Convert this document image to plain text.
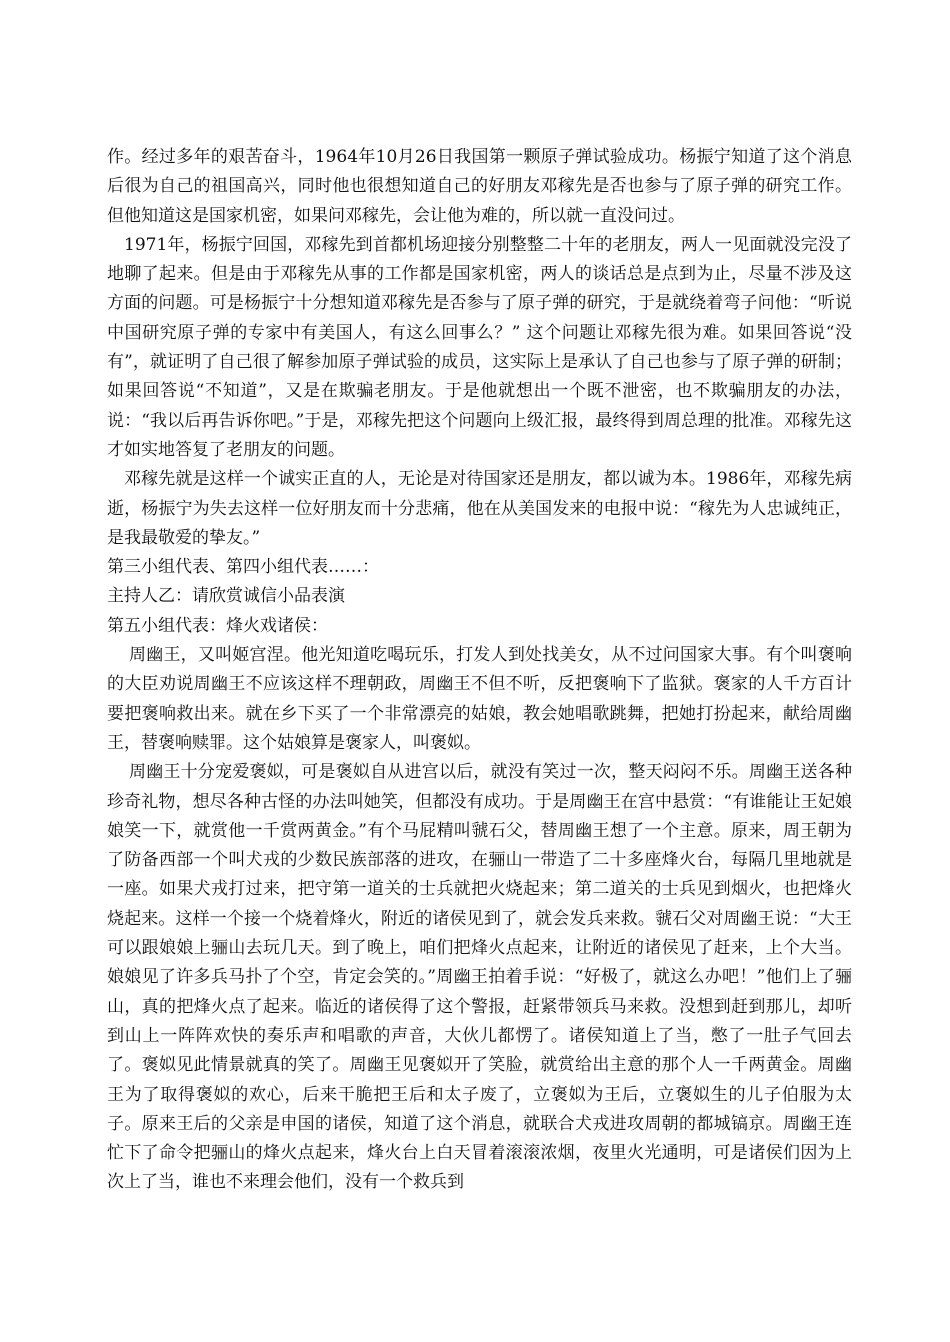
作。经过多年的艰苦奋斗，1964年10月26日我国第一颗原子弹试验成功。杨振宁知道了这个消息后很为自己的祖国高兴，同时他也很想知道自己的好朋友邓稼先是否也参与了原子弹的研究工作。但他知道这是国家机密，如果问邓稼先，会让他为难的，所以就一直没问过。

1971年，杨振宁回国，邓稼先到首都机场迎接分别整整二十年的老朋友，两人一见面就没完没了地聊了起来。但是由于邓稼先从事的工作都是国家机密，两人的谈话总是点到为止，尽量不涉及这方面的问题。可是杨振宁十分想知道邓稼先是否参与了原子弹的研究，于是就绕着弯子问他：“听说中国研究原子弹的专家中有美国人，有这么回事么？” 这个问题让邓稼先很为难。如果回答说“没有”，就证明了自己很了解参加原子弹试验的成员，这实际上是承认了自己也参与了原子弹的研制；如果回答说“不知道”，又是在欺骗老朋友。于是他就想出一个既不泄密，也不欺骗朋友的办法，说：“我以后再告诉你吧。”于是，邓稼先把这个问题向上级汇报，最终得到周总理的批准。邓稼先这才如实地答复了老朋友的问题。

邓稼先就是这样一个诚实正直的人，无论是对待国家还是朋友，都以诚为本。1986年，邓稼先病逝，杨振宁为失去这样一位好朋友而十分悲痛，他在从美国发来的电报中说：“稼先为人忠诚纯正，是我最敬爱的挚友。”

第三小组代表、第四小组代表……：

主持人乙：请欣赏诚信小品表演

第五小组代表：烽火戏诸侯：

周幽王，又叫姬宫涅。他光知道吃喝玩乐，打发人到处找美女，从不过问国家大事。有个叫褒响的大臣劝说周幽王不应该这样不理朝政，周幽王不但不听，反把褒响下了监狱。褒家的人千方百计要把褒响救出来。就在乡下买了一个非常漂亮的姑娘，教会她唱歌跳舞，把她打扮起来，献给周幽王，替褒响赎罪。这个姑娘算是褒家人，叫褒姒。

周幽王十分宠爱褒姒，可是褒姒自从进宫以后，就没有笑过一次，整天闷闷不乐。周幽王送各种珍奇礼物，想尽各种古怪的办法叫她笑，但都没有成功。于是周幽王在宫中悬赏：“有谁能让王妃娘娘笑一下，就赏他一千赏两黄金。”有个马屁精叫虢石父，替周幽王想了一个主意。原来，周王朝为了防备西部一个叫犬戎的少数民族部落的进攻，在骊山一带造了二十多座烽火台，每隔几里地就是一座。如果犬戎打过来，把守第一道关的士兵就把火烧起来；第二道关的士兵见到烟火，也把烽火烧起来。这样一个接一个烧着烽火，附近的诸侯见到了，就会发兵来救。虢石父对周幽王说：“大王可以跟娘娘上骊山去玩几天。到了晚上，咱们把烽火点起来，让附近的诸侯见了赶来，上个大当。娘娘见了许多兵马扑了个空，肯定会笑的。”周幽王拍着手说：“好极了，就这么办吧！”他们上了骊山，真的把烽火点了起来。临近的诸侯得了这个警报，赶紧带领兵马来救。没想到赶到那儿，却听到山上一阵阵欢快的奏乐声和唱歌的声音，大伙儿都愣了。诸侯知道上了当，憋了一肚子气回去了。褒姒见此情景就真的笑了。周幽王见褒姒开了笑脸，就赏给出主意的那个人一千两黄金。周幽王为了取得褒姒的欢心，后来干脆把王后和太子废了，立褒姒为王后，立褒姒生的儿子伯服为太子。原来王后的父亲是申国的诸侯，知道了这个消息，就联合犬戎进攻周朝的都城镐京。周幽王连忙下了命令把骊山的烽火点起来，烽火台上白天冒着滚滚浓烟，夜里火光通明，可是诸侯们因为上次上了当，谁也不来理会他们，没有一个救兵到
